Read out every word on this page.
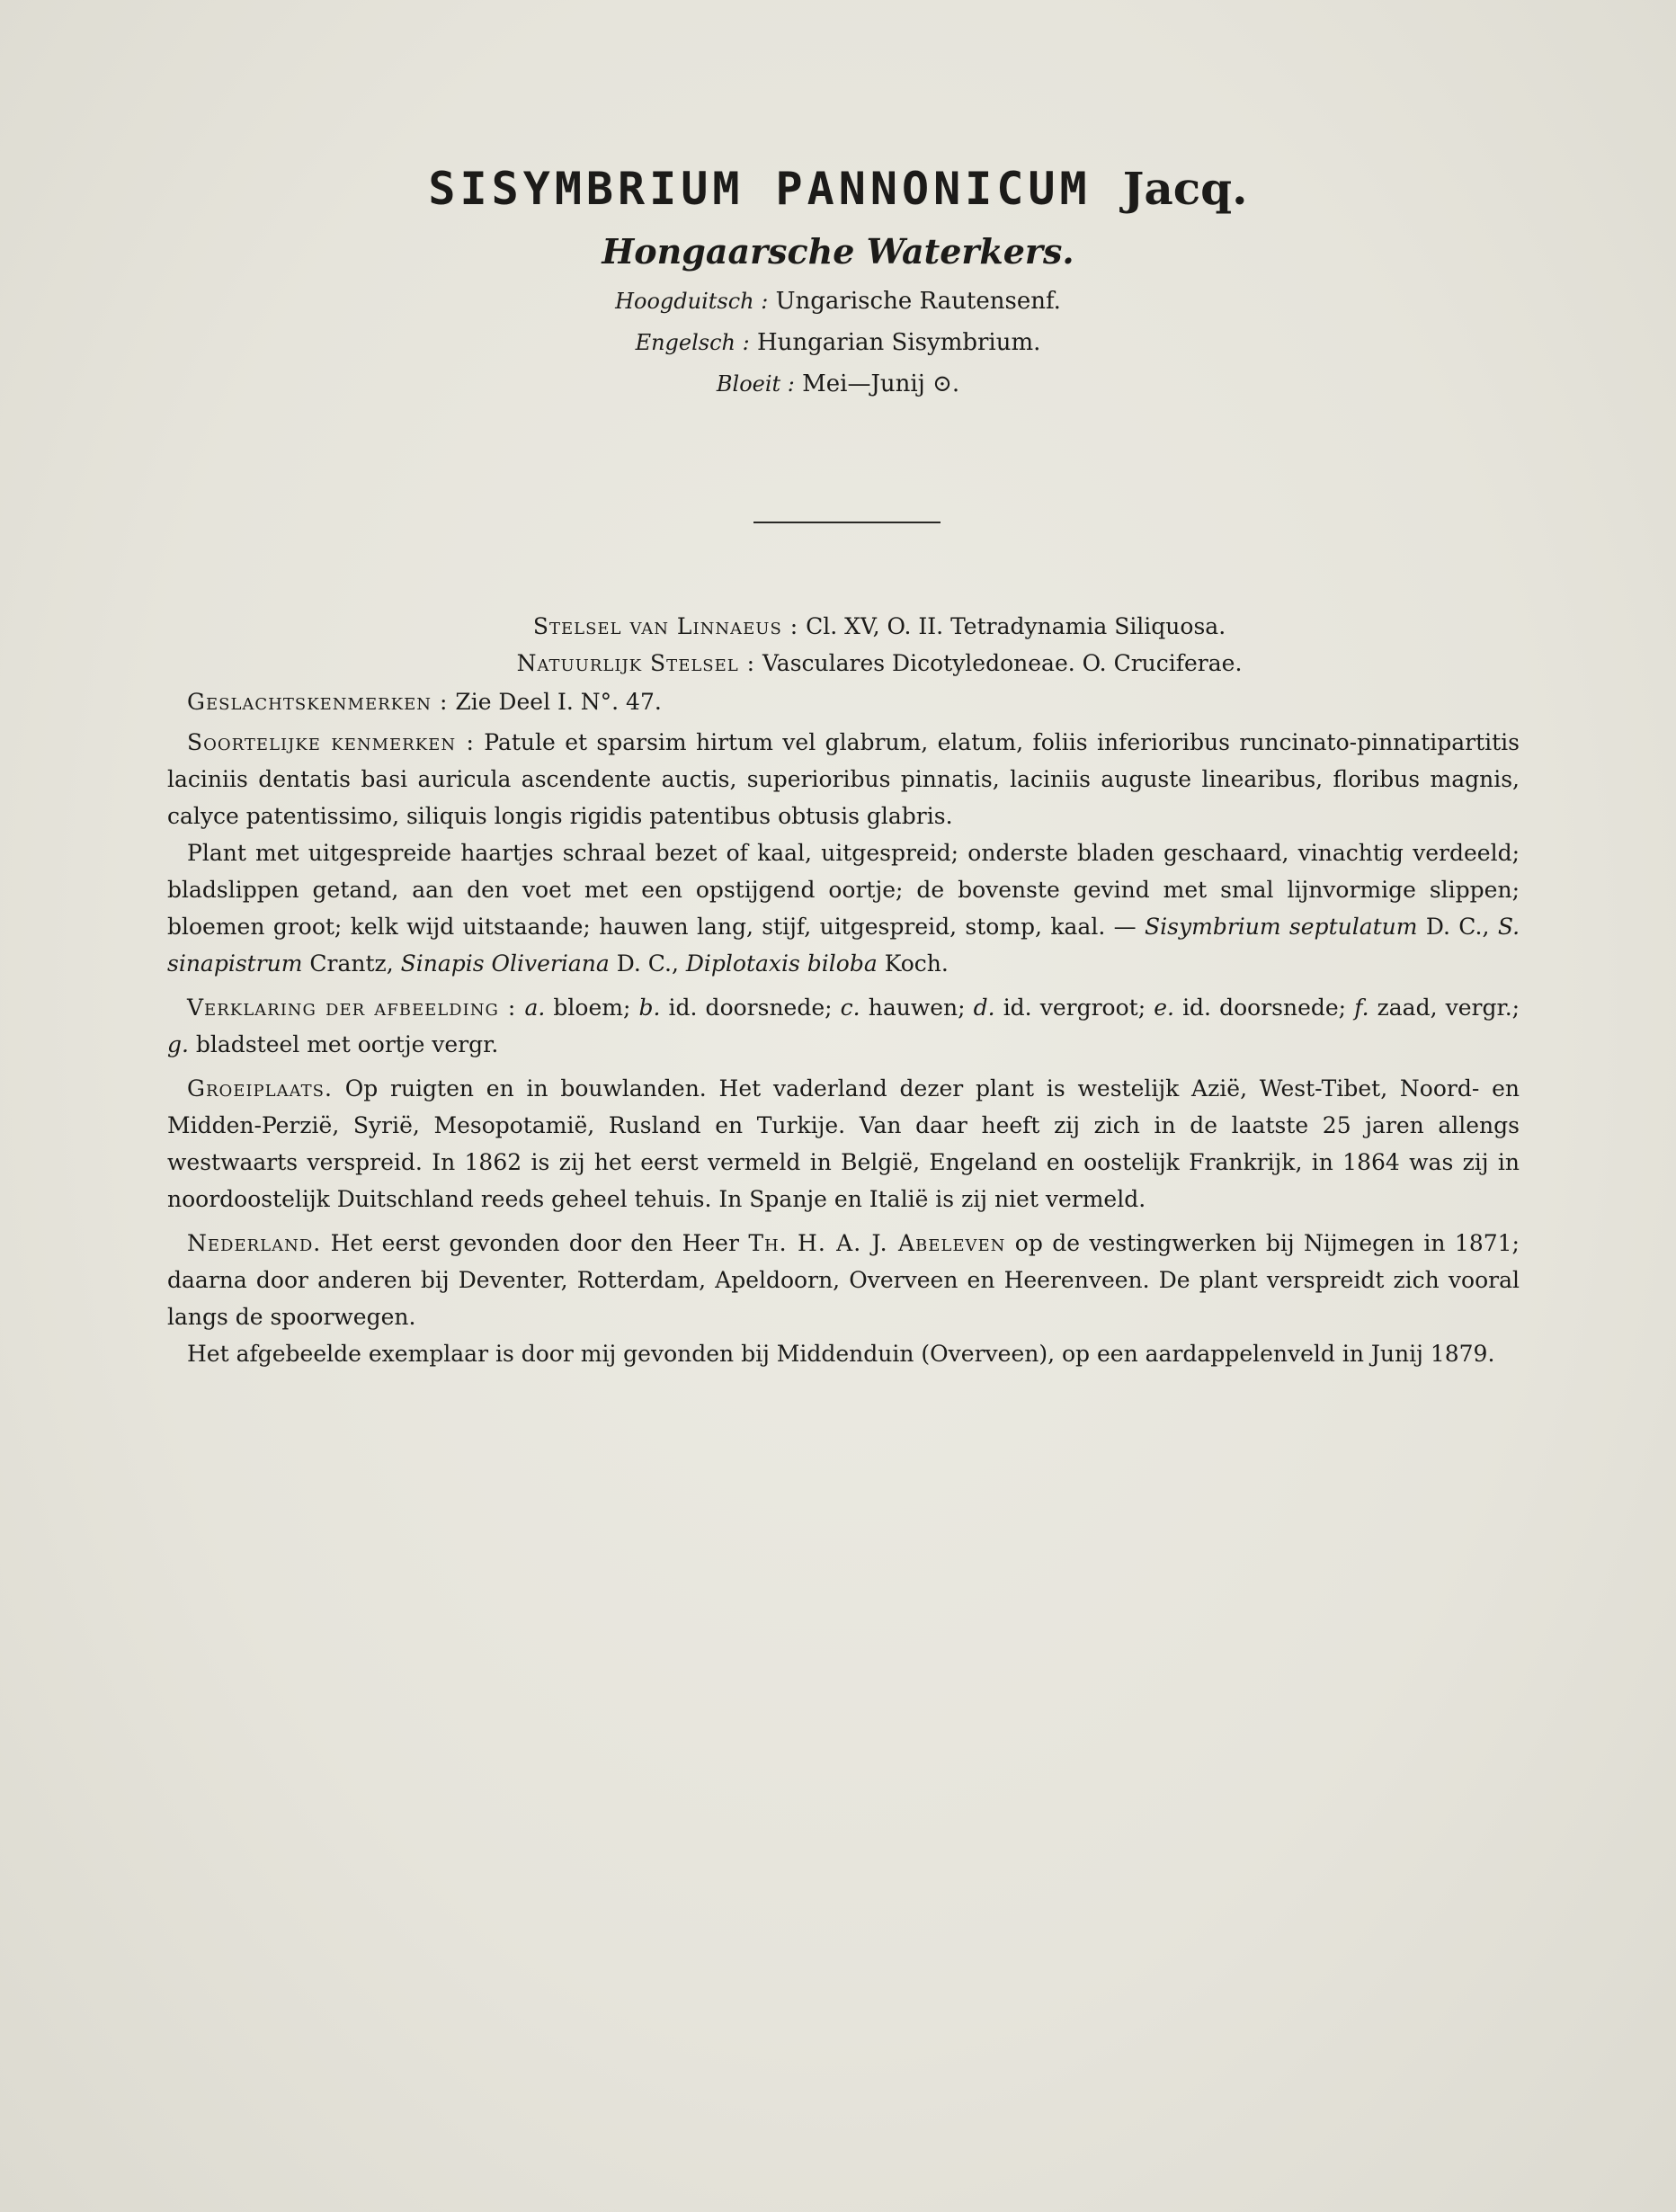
SISYMBRIUM PANNONICUM Jacq.
Hongaarsche Waterkers.
Hoogduitsch : Ungarische Rautensenf.
Engelsch : Hungarian Sisymbrium.
Bloeit : Mei—Junij ⊙.

Stelsel van Linnaeus : Cl. XV, O. II. Tetradynamia Siliquosa.

Natuurlijk Stelsel : Vasculares Dicotyledoneae. O. Cruciferae.

Geslachtskenmerken : Zie Deel I. N°. 47.

Soortelijke kenmerken : Patule et sparsim hirtum vel glabrum, elatum, foliis inferioribus runcinato-pinnatipartitis laciniis dentatis basi auricula ascendente auctis, superioribus pinnatis, laciniis auguste linearibus, floribus magnis, calyce patentissimo, siliquis longis rigidis patentibus obtusis glabris.

Plant met uitgespreide haartjes schraal bezet of kaal, uitgespreid; onderste bladen geschaard, vinachtig verdeeld; bladslippen getand, aan den voet met een opstijgend oortje; de bovenste gevind met smal lijnvormige slippen; bloemen groot; kelk wijd uitstaande; hauwen lang, stijf, uitgespreid, stomp, kaal. — Sisymbrium septulatum D. C., S. sinapistrum Crantz, Sinapis Oliveriana D. C., Diplotaxis biloba Koch.

Verklaring der afbeelding : a. bloem; b. id. doorsnede; c. hauwen; d. id. vergroot; e. id. doorsnede; f. zaad, vergr.; g. bladsteel met oortje vergr.

Groeiplaats. Op ruigten en in bouwlanden. Het vaderland dezer plant is westelijk Azië, West-Tibet, Noord- en Midden-Perzië, Syrië, Mesopotamië, Rusland en Turkije. Van daar heeft zij zich in de laatste 25 jaren allengs westwaarts verspreid. In 1862 is zij het eerst vermeld in België, Engeland en oostelijk Frankrijk, in 1864 was zij in noordoostelijk Duitschland reeds geheel tehuis. In Spanje en Italië is zij niet vermeld.

Nederland. Het eerst gevonden door den Heer Th. H. A. J. Abeleven op de vestingwerken bij Nijmegen in 1871; daarna door anderen bij Deventer, Rotterdam, Apeldoorn, Overveen en Heerenveen. De plant verspreidt zich vooral langs de spoorwegen.

Het afgebeelde exemplaar is door mij gevonden bij Middenduin (Overveen), op een aardappelenveld in Junij 1879.
